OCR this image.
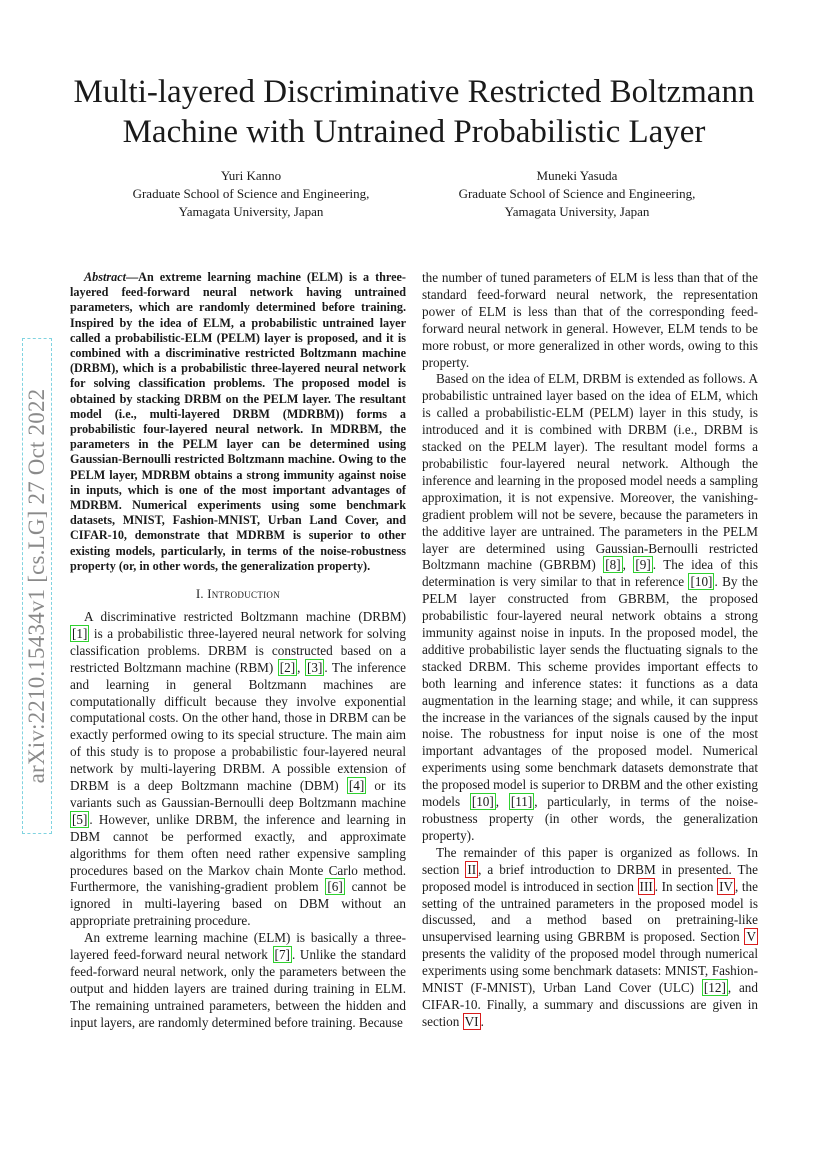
arXiv:2210.15434v1 [cs.LG] 27 Oct 2022
Multi-layered Discriminative Restricted Boltzmann Machine with Untrained Probabilistic Layer
Yuri Kanno
Graduate School of Science and Engineering,
Yamagata University, Japan
Muneki Yasuda
Graduate School of Science and Engineering,
Yamagata University, Japan

Abstract—An extreme learning machine (ELM) is a three-layered feed-forward neural network having untrained parameters, which are randomly determined before training. Inspired by the idea of ELM, a probabilistic untrained layer called a probabilistic-ELM (PELM) layer is proposed, and it is combined with a discriminative restricted Boltzmann machine (DRBM), which is a probabilistic three-layered neural network for solving classification problems. The proposed model is obtained by stacking DRBM on the PELM layer. The resultant model (i.e., multi-layered DRBM (MDRBM)) forms a probabilistic four-layered neural network. In MDRBM, the parameters in the PELM layer can be determined using Gaussian-Bernoulli restricted Boltzmann machine. Owing to the PELM layer, MDRBM obtains a strong immunity against noise in inputs, which is one of the most important advantages of MDRBM. Numerical experiments using some benchmark datasets, MNIST, Fashion-MNIST, Urban Land Cover, and CIFAR-10, demonstrate that MDRBM is superior to other existing models, particularly, in terms of the noise-robustness property (or, in other words, the generalization property).

I. Introduction

A discriminative restricted Boltzmann machine (DRBM) [1] is a probabilistic three-layered neural network for solving classification problems. DRBM is constructed based on a restricted Boltzmann machine (RBM) [2] , [3] . The inference and learning in general Boltzmann machines are computationally difficult because they involve exponential computational costs. On the other hand, those in DRBM can be exactly performed owing to its special structure. The main aim of this study is to propose a probabilistic four-layered neural network by multi-layering DRBM. A possible extension of DRBM is a deep Boltzmann machine (DBM) [4] or its variants such as Gaussian-Bernoulli deep Boltzmann machine [5] . However, unlike DRBM, the inference and learning in DBM cannot be performed exactly, and approximate algorithms for them often need rather expensive sampling procedures based on the Markov chain Monte Carlo method. Furthermore, the vanishing-gradient problem [6] cannot be ignored in multi-layering based on DBM without an appropriate pretraining procedure.

An extreme learning machine (ELM) is basically a three-layered feed-forward neural network [7] . Unlike the standard feed-forward neural network, only the parameters between the output and hidden layers are trained during training in ELM. The remaining untrained parameters, between the hidden and input layers, are randomly determined before training. Because

the number of tuned parameters of ELM is less than that of the standard feed-forward neural network, the representation power of ELM is less than that of the corresponding feed-forward neural network in general. However, ELM tends to be more robust, or more generalized in other words, owing to this property.

Based on the idea of ELM, DRBM is extended as follows. A probabilistic untrained layer based on the idea of ELM, which is called a probabilistic-ELM (PELM) layer in this study, is introduced and it is combined with DRBM (i.e., DRBM is stacked on the PELM layer). The resultant model forms a probabilistic four-layered neural network. Although the inference and learning in the proposed model needs a sampling approximation, it is not expensive. Moreover, the vanishing-gradient problem will not be severe, because the parameters in the additive layer are untrained. The parameters in the PELM layer are determined using Gaussian-Bernoulli restricted Boltzmann machine (GBRBM) [8] , [9] . The idea of this determination is very similar to that in reference [10] . By the PELM layer constructed from GBRBM, the proposed probabilistic four-layered neural network obtains a strong immunity against noise in inputs. In the proposed model, the additive probabilistic layer sends the fluctuating signals to the stacked DRBM. This scheme provides important effects to both learning and inference states: it functions as a data augmentation in the learning stage; and while, it can suppress the increase in the variances of the signals caused by the input noise. The robustness for input noise is one of the most important advantages of the proposed model. Numerical experiments using some benchmark datasets demonstrate that the proposed model is superior to DRBM and the other existing models [10] , [11] , particularly, in terms of the noise-robustness property (in other words, the generalization property).

The remainder of this paper is organized as follows. In section II , a brief introduction to DRBM in presented. The proposed model is introduced in section III . In section IV , the setting of the untrained parameters in the proposed model is discussed, and a method based on pretraining-like unsupervised learning using GBRBM is proposed. Section V presents the validity of the proposed model through numerical experiments using some benchmark datasets: MNIST, Fashion-MNIST (F-MNIST), Urban Land Cover (ULC) [12] , and CIFAR-10. Finally, a summary and discussions are given in section VI .
